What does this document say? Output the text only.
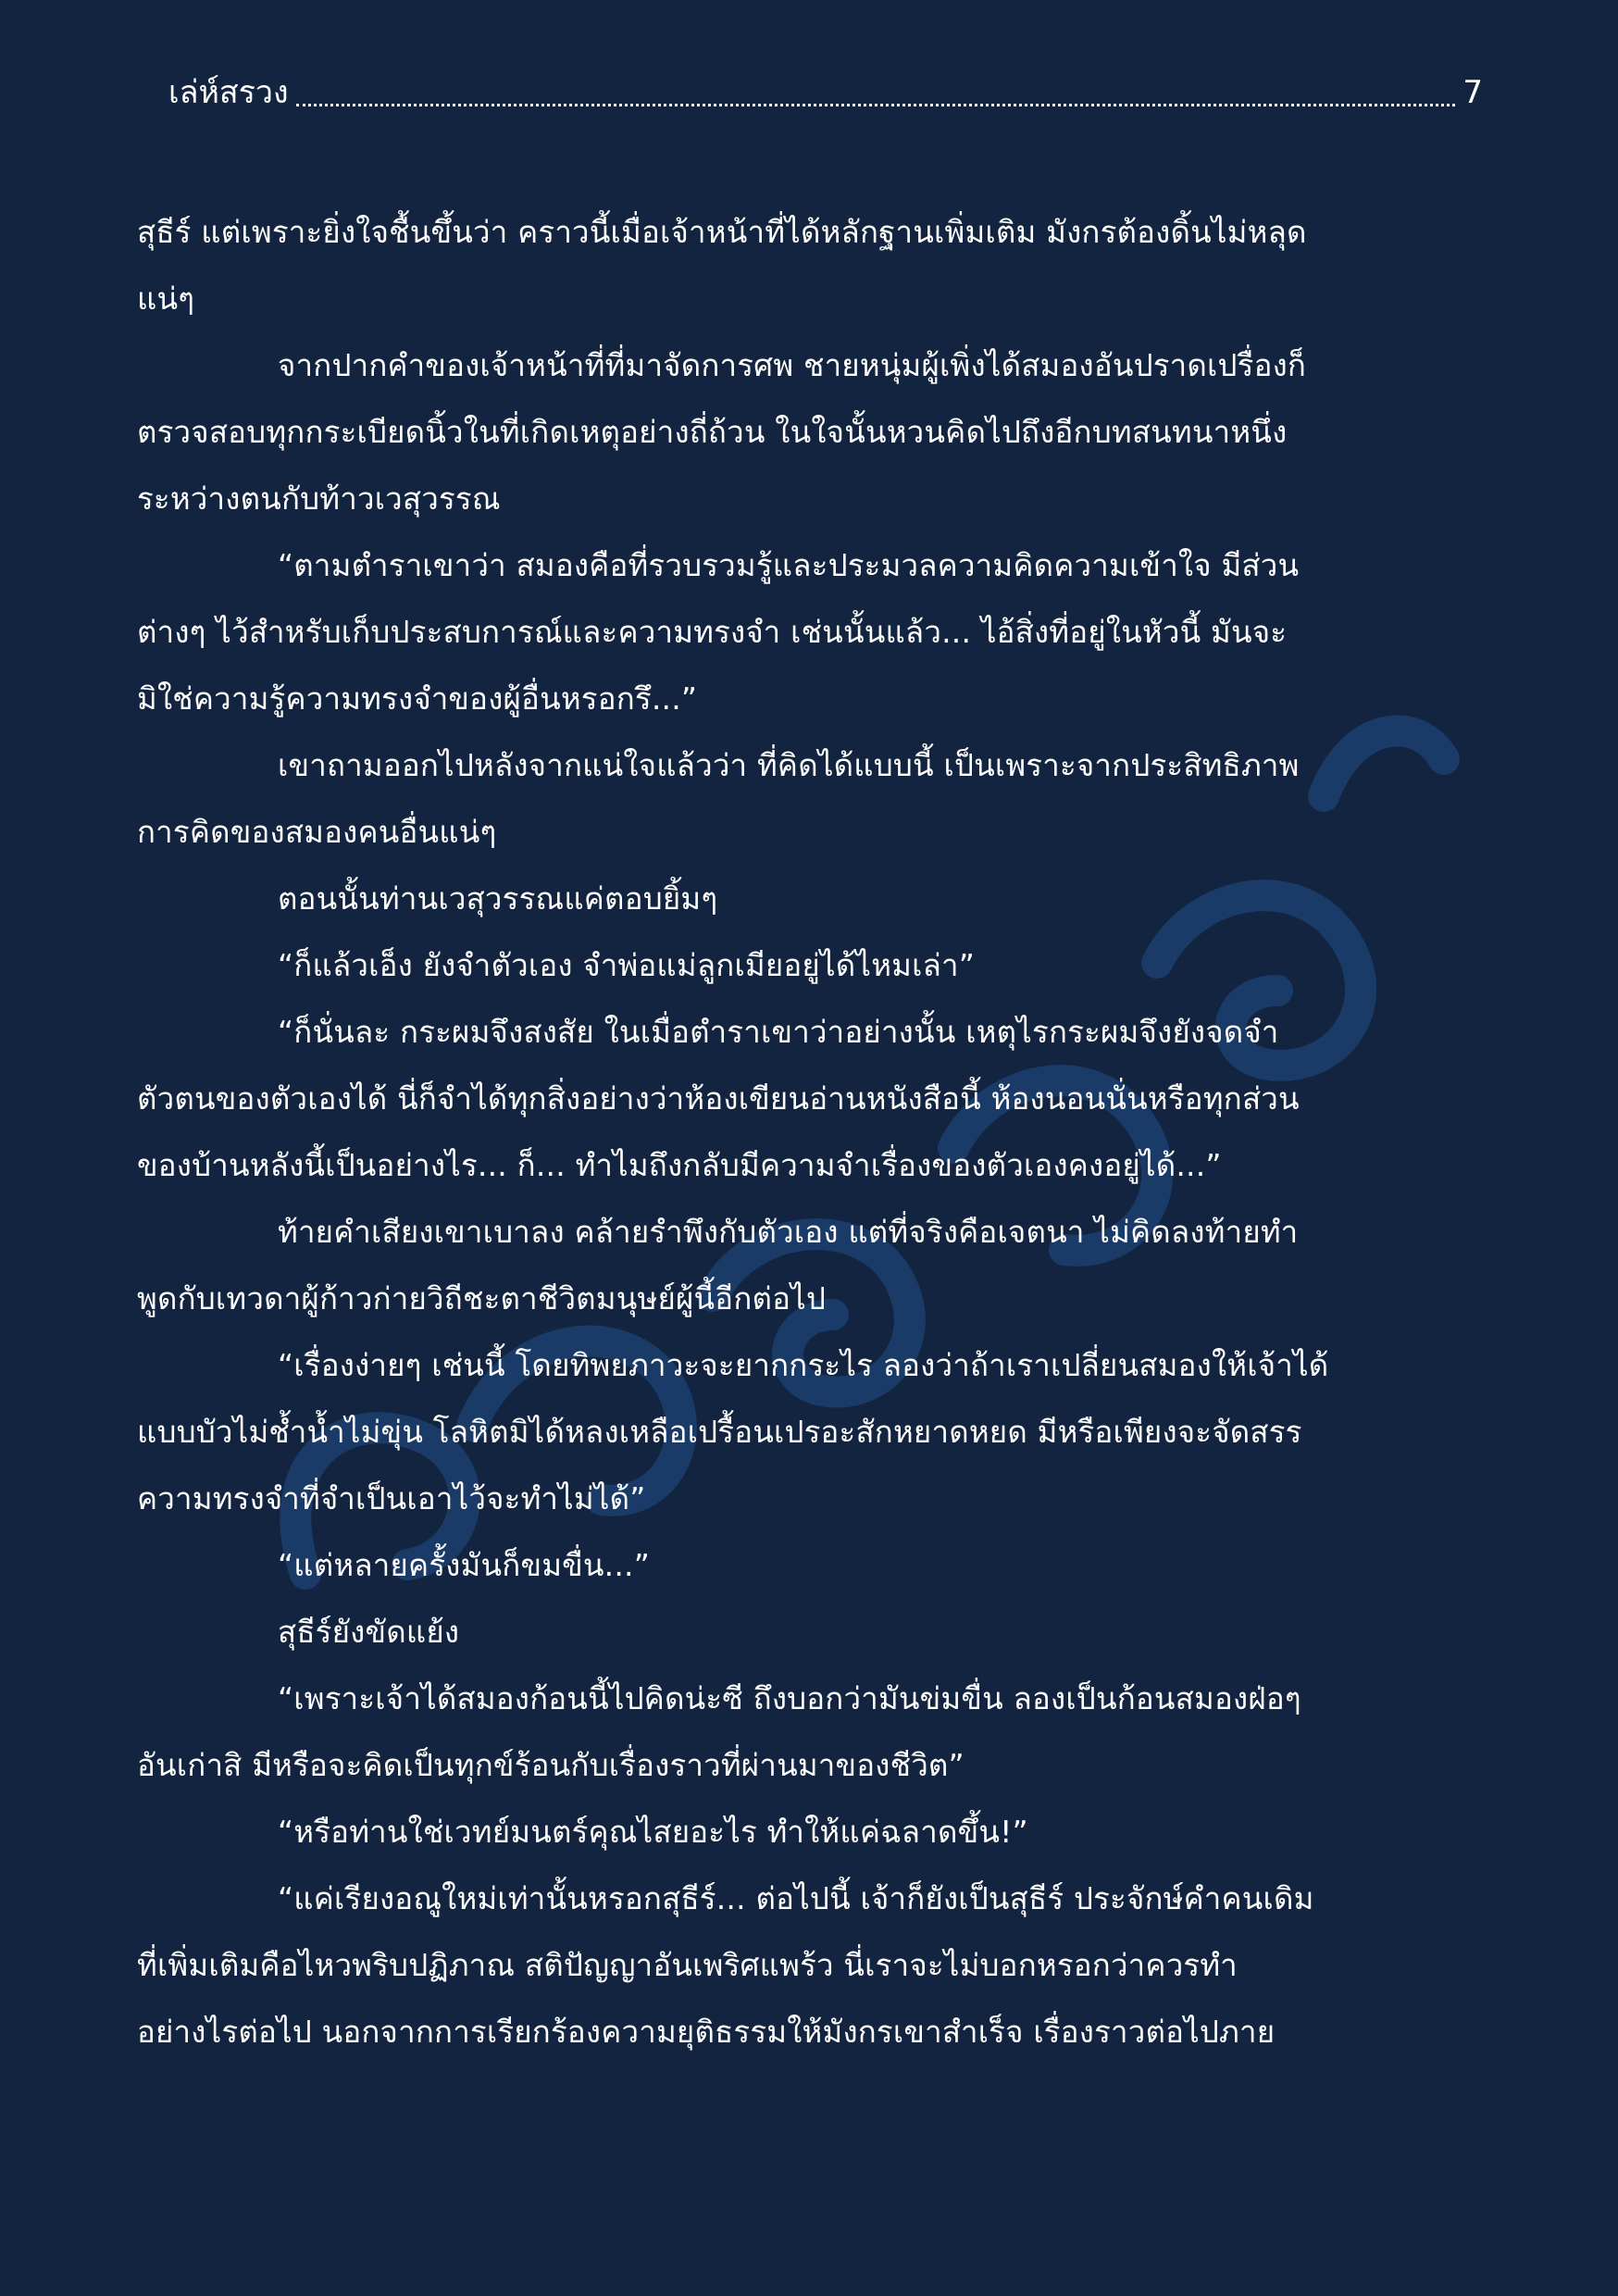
เล่ห์สรวง	7
สุธีร์ แต่เพราะยิ่งใจชื้นขึ้นว่า คราวนี้เมื่อเจ้าหน้าที่ได้หลักฐานเพิ่มเติม มังกรต้องดิ้นไม่หลุด
แน่ๆ
จากปากคำของเจ้าหน้าที่ที่มาจัดการศพ ชายหนุ่มผู้เพิ่งได้สมองอันปราดเปรื่องก็
ตรวจสอบทุกกระเบียดนิ้วในที่เกิดเหตุอย่างถี่ถ้วน ในใจนั้นหวนคิดไปถึงอีกบทสนทนาหนึ่ง
ระหว่างตนกับท้าวเวสุวรรณ
“ตามตำราเขาว่า สมองคือที่รวบรวมรู้และประมวลความคิดความเข้าใจ มีส่วน
ต่างๆ ไว้สำหรับเก็บประสบการณ์และความทรงจำ เช่นนั้นแล้ว... ไอ้สิ่งที่อยู่ในหัวนี้ มันจะ
มิใช่ความรู้ความทรงจำของผู้อื่นหรอกรึ...”
เขาถามออกไปหลังจากแน่ใจแล้วว่า ที่คิดได้แบบนี้ เป็นเพราะจากประสิทธิภาพ
การคิดของสมองคนอื่นแน่ๆ
ตอนนั้นท่านเวสุวรรณแค่ตอบยิ้มๆ
“ก็แล้วเอ็ง ยังจำตัวเอง จำพ่อแม่ลูกเมียอยู่ได้ไหมเล่า”
“ก็นั่นละ กระผมจึงสงสัย ในเมื่อตำราเขาว่าอย่างนั้น เหตุไรกระผมจึงยังจดจำ
ตัวตนของตัวเองได้ นี่ก็จำได้ทุกสิ่งอย่างว่าห้องเขียนอ่านหนังสือนี้ ห้องนอนนั่นหรือทุกส่วน
ของบ้านหลังนี้เป็นอย่างไร... ก็... ทำไมถึงกลับมีความจำเรื่องของตัวเองคงอยู่ได้...”
ท้ายคำเสียงเขาเบาลง คล้ายรำพึงกับตัวเอง แต่ที่จริงคือเจตนา ไม่คิดลงท้ายทำ
พูดกับเทวดาผู้ก้าวก่ายวิถีชะตาชีวิตมนุษย์ผู้นี้อีกต่อไป
“เรื่องง่ายๆ เช่นนี้ โดยทิพยภาวะจะยากกระไร ลองว่าถ้าเราเปลี่ยนสมองให้เจ้าได้
แบบบัวไม่ช้ำน้ำไม่ขุ่น โลหิตมิได้หลงเหลือเปรื้อนเปรอะสักหยาดหยด มีหรือเพียงจะจัดสรร
ความทรงจำที่จำเป็นเอาไว้จะทำไม่ได้”
“แต่หลายครั้งมันก็ขมขื่น...”
สุธีร์ยังขัดแย้ง
“เพราะเจ้าได้สมองก้อนนี้ไปคิดน่ะซี ถึงบอกว่ามันข่มขื่น ลองเป็นก้อนสมองฝ่อๆ
อันเก่าสิ มีหรือจะคิดเป็นทุกข์ร้อนกับเรื่องราวที่ผ่านมาของชีวิต”
“หรือท่านใช่เวทย์มนตร์คุณไสยอะไร ทำให้แค่ฉลาดขึ้น!”
“แค่เรียงอณูใหม่เท่านั้นหรอกสุธีร์... ต่อไปนี้ เจ้าก็ยังเป็นสุธีร์ ประจักษ์คำคนเดิม
ที่เพิ่มเติมคือไหวพริบปฏิภาณ สติปัญญาอันเพริศแพร้ว นี่เราจะไม่บอกหรอกว่าควรทำ
อย่างไรต่อไป นอกจากการเรียกร้องความยุติธรรมให้มังกรเขาสำเร็จ เรื่องราวต่อไปภาย
